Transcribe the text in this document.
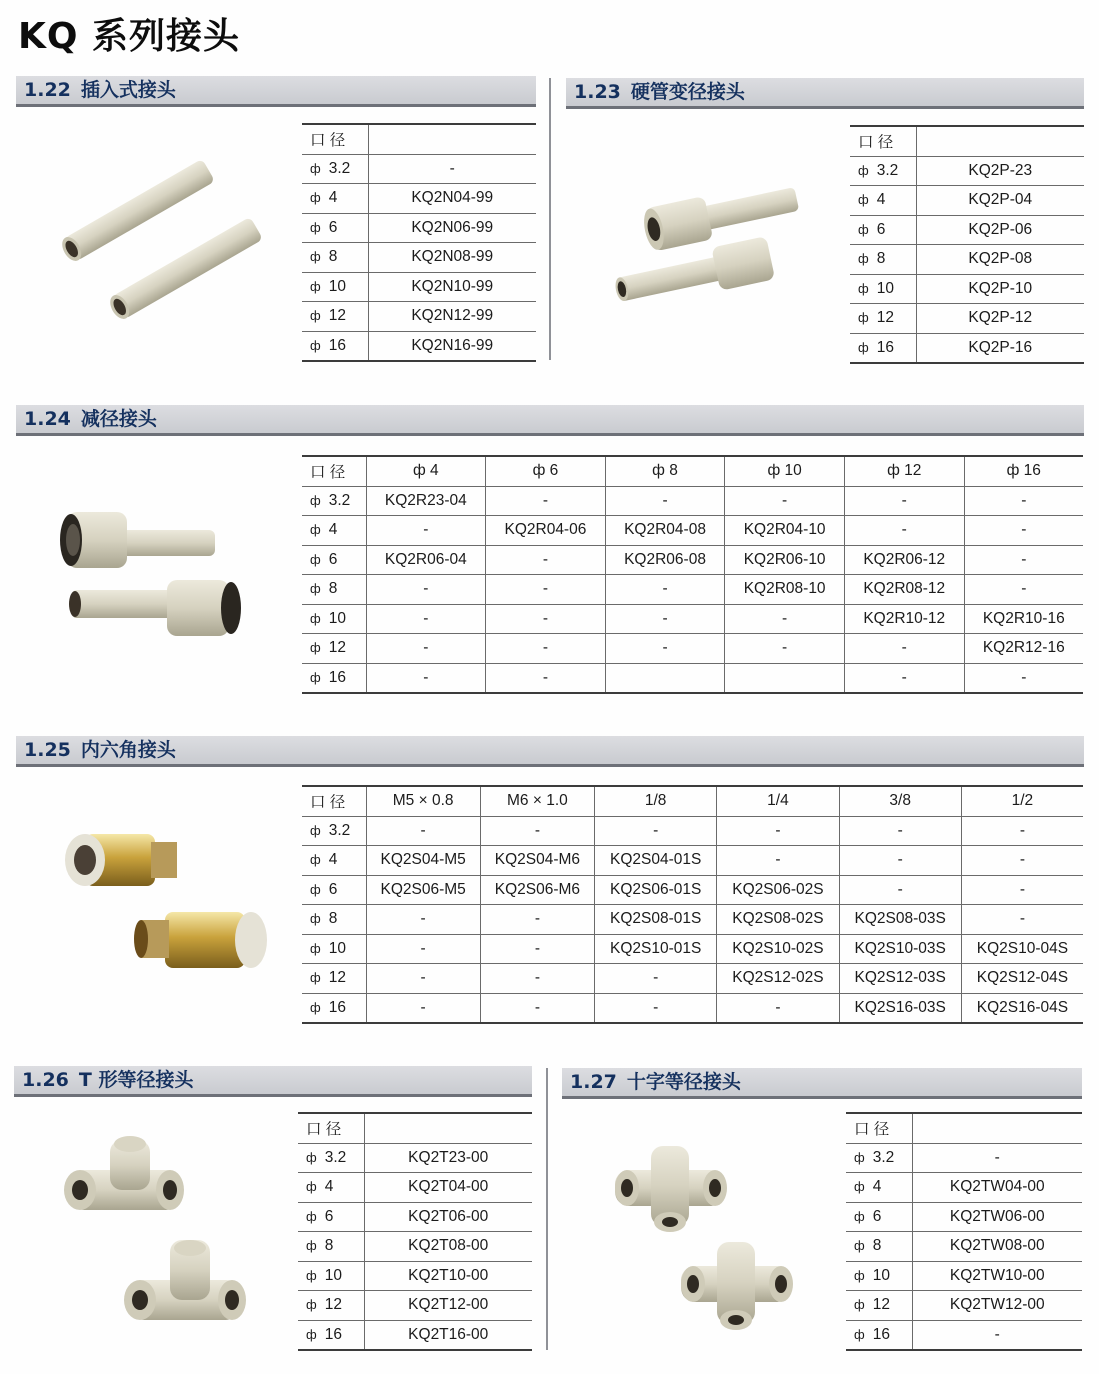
KQ 系列接头
1.22 插入式接头	1.23 硬管变径接头
1.24 减径接头
1.25 内六角接头
1.26 T 形等径接头	1.27 十字等径接头
口 径	
ф 3.2	-
ф 4	KQ2N04-99
ф 6	KQ2N06-99
ф 8	KQ2N08-99
ф 10	KQ2N10-99
ф 12	KQ2N12-99
ф 16	KQ2N16-99
口 径	
ф 3.2	KQ2P-23
ф 4	KQ2P-04
ф 6	KQ2P-06
ф 8	KQ2P-08
ф 10	KQ2P-10
ф 12	KQ2P-12
ф 16	KQ2P-16
口 径	ф 4	ф 6	ф 8	ф 10	ф 12	ф 16
ф 3.2	KQ2R23-04	-	-	-	-	-
ф 4	-	KQ2R04-06	KQ2R04-08	KQ2R04-10	-	-
ф 6	KQ2R06-04	-	KQ2R06-08	KQ2R06-10	KQ2R06-12	-
ф 8	-	-	-	KQ2R08-10	KQ2R08-12	-
ф 10	-	-	-	-	KQ2R10-12	KQ2R10-16
ф 12	-	-	-	-	-	KQ2R12-16
ф 16	-	-			-	-
口 径	M5 × 0.8	M6 × 1.0	1/8	1/4	3/8	1/2
ф 3.2	-	-	-	-	-	-
ф 4	KQ2S04-M5	KQ2S04-M6	KQ2S04-01S	-	-	-
ф 6	KQ2S06-M5	KQ2S06-M6	KQ2S06-01S	KQ2S06-02S	-	-
ф 8	-	-	KQ2S08-01S	KQ2S08-02S	KQ2S08-03S	-
ф 10	-	-	KQ2S10-01S	KQ2S10-02S	KQ2S10-03S	KQ2S10-04S
ф 12	-	-	-	KQ2S12-02S	KQ2S12-03S	KQ2S12-04S
ф 16	-	-	-	-	KQ2S16-03S	KQ2S16-04S
口 径	
ф 3.2	KQ2T23-00
ф 4	KQ2T04-00
ф 6	KQ2T06-00
ф 8	KQ2T08-00
ф 10	KQ2T10-00
ф 12	KQ2T12-00
ф 16	KQ2T16-00
口 径	
ф 3.2	-
ф 4	KQ2TW04-00
ф 6	KQ2TW06-00
ф 8	KQ2TW08-00
ф 10	KQ2TW10-00
ф 12	KQ2TW12-00
ф 16	-
